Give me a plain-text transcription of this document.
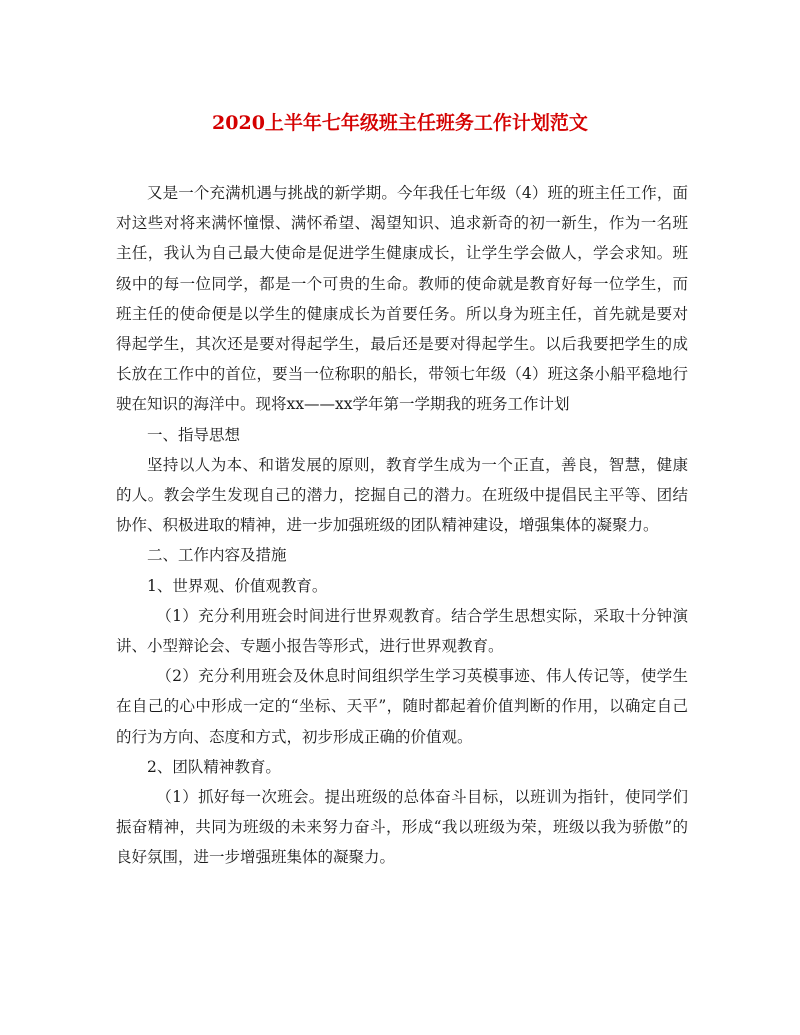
2020上半年七年级班主任班务工作计划范文

又是一个充满机遇与挑战的新学期。今年我任七年级（4）班的班主任工作，面对这些对将来满怀憧憬、满怀希望、渴望知识、追求新奇的初一新生，作为一名班主任，我认为自己最大使命是促进学生健康成长，让学生学会做人，学会求知。班级中的每一位同学，都是一个可贵的生命。教师的使命就是教育好每一位学生，而班主任的使命便是以学生的健康成长为首要任务。所以身为班主任，首先就是要对得起学生，其次还是要对得起学生，最后还是要对得起学生。以后我要把学生的成长放在工作中的首位，要当一位称职的船长，带领七年级（4）班这条小船平稳地行驶在知识的海洋中。现将xx——xx学年第一学期我的班务工作计划

一、指导思想

坚持以人为本、和谐发展的原则，教育学生成为一个正直，善良，智慧，健康的人。教会学生发现自己的潜力，挖掘自己的潜力。在班级中提倡民主平等、团结协作、积极进取的精神，进一步加强班级的团队精神建设，增强集体的凝聚力。

二、工作内容及措施

1、世界观、价值观教育。

（1）充分利用班会时间进行世界观教育。结合学生思想实际，采取十分钟演讲、小型辩论会、专题小报告等形式，进行世界观教育。

（2）充分利用班会及休息时间组织学生学习英模事迹、伟人传记等，使学生在自己的心中形成一定的“坐标、天平”，随时都起着价值判断的作用，以确定自己的行为方向、态度和方式，初步形成正确的价值观。

2、团队精神教育。

（1）抓好每一次班会。提出班级的总体奋斗目标，以班训为指针，使同学们振奋精神，共同为班级的未来努力奋斗，形成“我以班级为荣，班级以我为骄傲”的良好氛围，进一步增强班集体的凝聚力。
